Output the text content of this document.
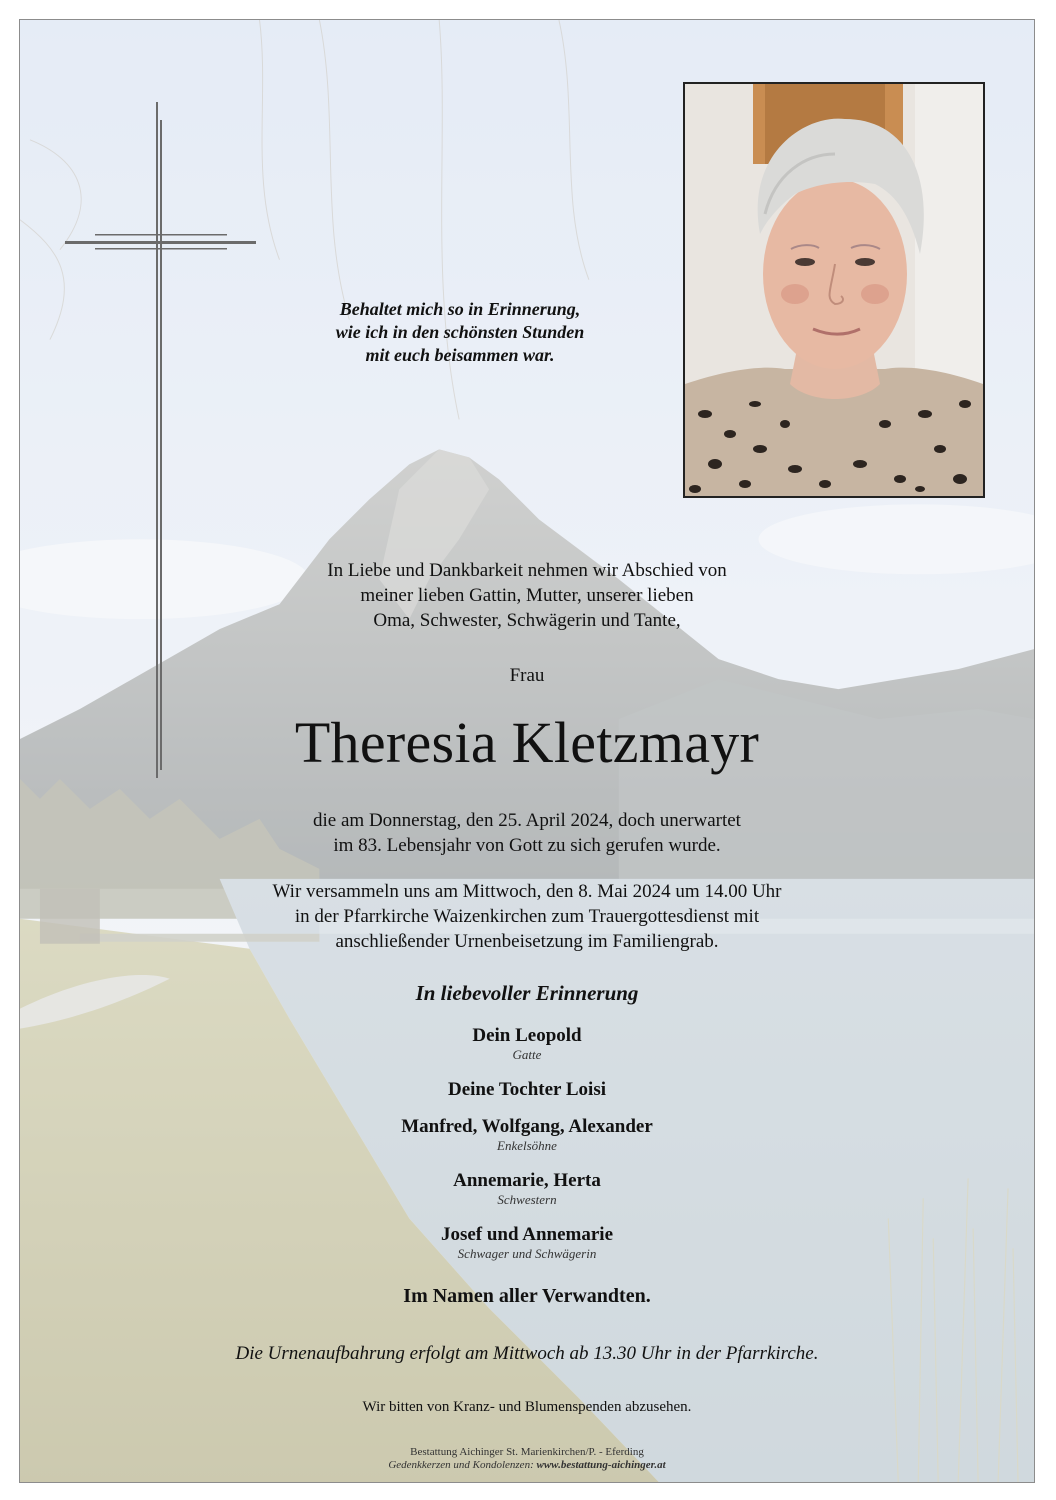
Behaltet mich so in Erinnerung,
wie ich in den schönsten Stunden
mit euch beisammen war.
In Liebe und Dankbarkeit nehmen wir Abschied von
meiner lieben Gattin, Mutter, unserer lieben
Oma, Schwester, Schwägerin und Tante,
Frau
Theresia Kletzmayr
die am Donnerstag, den 25. April 2024, doch unerwartet
im 83. Lebensjahr von Gott zu sich gerufen wurde.
Wir versammeln uns am Mittwoch, den 8. Mai 2024 um 14.00 Uhr
in der Pfarrkirche Waizenkirchen zum Trauergottesdienst mit
anschließender Urnenbeisetzung im Familiengrab.
In liebevoller Erinnerung
Dein Leopold
Gatte
Deine Tochter Loisi
Manfred, Wolfgang, Alexander
Enkelsöhne
Annemarie, Herta
Schwestern
Josef und Annemarie
Schwager und Schwägerin
Im Namen aller Verwandten.
Die Urnenaufbahrung erfolgt am Mittwoch ab 13.30 Uhr in der Pfarrkirche.
Wir bitten von Kranz- und Blumenspenden abzusehen.
Bestattung Aichinger St. Marienkirchen/P. - Eferding
Gedenkkerzen und Kondolenzen: www.bestattung-aichinger.at
